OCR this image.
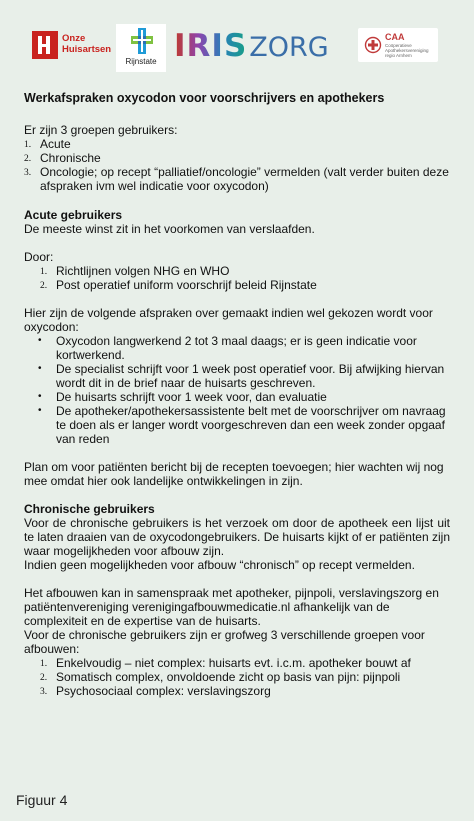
Onze
Huisartsen
Rijnstate IRISZORG	CAA
Coöperatieve Apothekersvereniging regio Arnhem
Werkafspraken oxycodon voor voorschrijvers en apothekers

Er zijn 3 groepen gebruikers:

1. Acute
2. Chronische
3. Oncologie; op recept “palliatief/oncologie” vermelden (valt verder buiten deze afspraken ivm wel indicatie voor oxycodon)

Acute gebruikers

De meeste winst zit in het voorkomen van verslaafden.

Door:

1. Richtlijnen volgen NHG en WHO
2. Post operatief uniform voorschrijf beleid Rijnstate

Hier zijn de volgende afspraken over gemaakt indien wel gekozen wordt voor oxycodon:

• Oxycodon langwerkend 2 tot 3 maal daags; er is geen indicatie voor kortwerkend.
• De specialist schrijft voor 1 week post operatief voor. Bij afwijking hiervan wordt dit in de brief naar de huisarts geschreven.
• De huisarts schrijft voor 1 week voor, dan evaluatie
• De apotheker/apothekersassistente belt met de voorschrijver om navraag te doen als er langer wordt voorgeschreven dan een week zonder opgaaf van reden

Plan om voor patiënten bericht bij de recepten toevoegen; hier wachten wij nog mee omdat hier ook landelijke ontwikkelingen in zijn.

Chronische gebruikers

Voor de chronische gebruikers is het verzoek om door de apotheek een lijst uit te laten draaien van de oxycodongebruikers. De huisarts kijkt of er patiënten zijn waar mogelijkheden voor afbouw zijn.

Indien geen mogelijkheden voor afbouw “chronisch” op recept vermelden.

Het afbouwen kan in samenspraak met apotheker, pijnpoli, verslavingszorg en patiëntenvereniging verenigingafbouwmedicatie.nl afhankelijk van de complexiteit en de expertise van de huisarts.

Voor de chronische gebruikers zijn er grofweg 3 verschillende groepen voor afbouwen:

1. Enkelvoudig – niet complex: huisarts evt. i.c.m. apotheker bouwt af
2. Somatisch complex, onvoldoende zicht op basis van pijn: pijnpoli
3. Psychosociaal complex: verslavingszorg
Figuur 4
